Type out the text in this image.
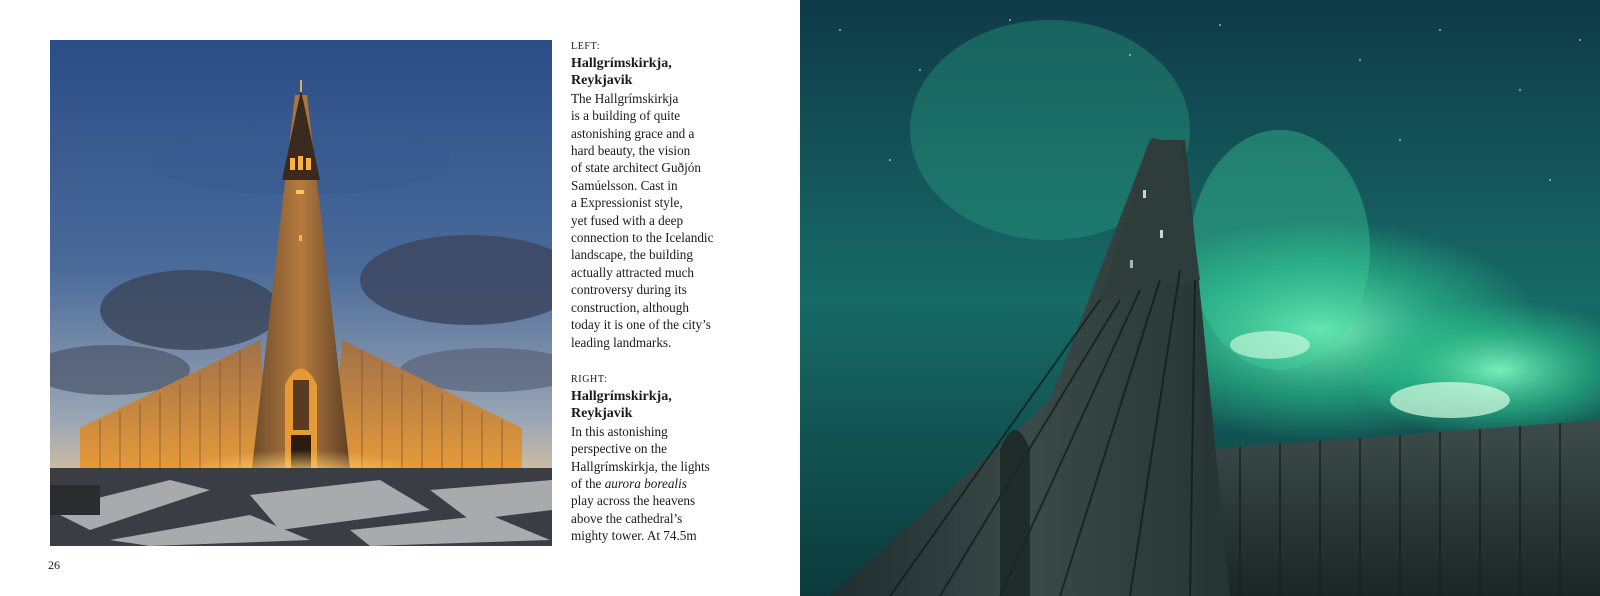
LEFT:
Hallgrímskirkja,
Reykjavik
The Hallgrímskirkja
is a building of quite
astonishing grace and a
hard beauty, the vision
of state architect Guðjón
Samúelsson. Cast in
a Expressionist style,
yet fused with a deep
connection to the Icelandic
landscape, the building
actually attracted much
controversy during its
construction, although
today it is one of the city’s
leading landmarks.
RIGHT:
Hallgrímskirkja,
Reykjavik
In this astonishing
perspective on the
Hallgrímskirkja, the lights
of the aurora borealis
play across the heavens
above the cathedral’s
mighty tower. At 74.5m
26
